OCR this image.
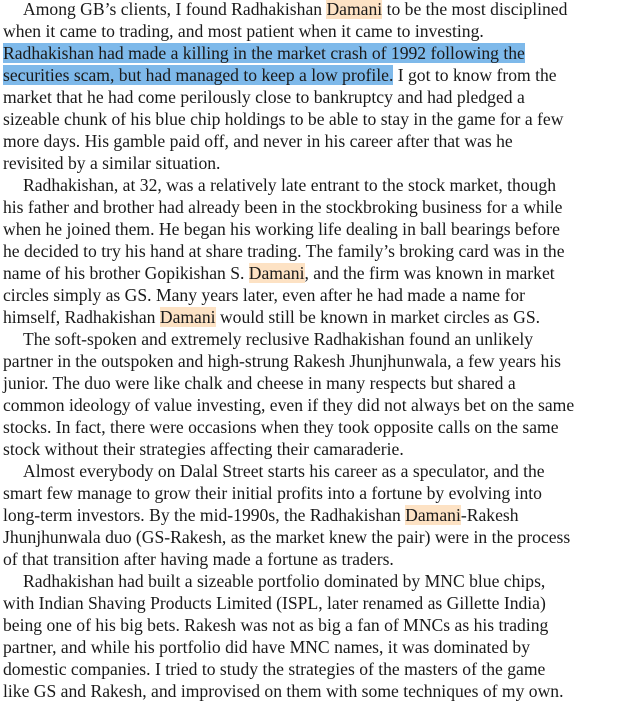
Among GB’s clients, I found Radhakishan Damani to be the most disciplined
when it came to trading, and most patient when it came to investing.
Radhakishan had made a killing in the market crash of 1992 following the
securities scam, but had managed to keep a low profile. I got to know from the
market that he had come perilously close to bankruptcy and had pledged a
sizeable chunk of his blue chip holdings to be able to stay in the game for a few
more days. His gamble paid off, and never in his career after that was he
revisited by a similar situation.
Radhakishan, at 32, was a relatively late entrant to the stock market, though
his father and brother had already been in the stockbroking business for a while
when he joined them. He began his working life dealing in ball bearings before
he decided to try his hand at share trading. The family’s broking card was in the
name of his brother Gopikishan S. Damani, and the firm was known in market
circles simply as GS. Many years later, even after he had made a name for
himself, Radhakishan Damani would still be known in market circles as GS.
The soft-spoken and extremely reclusive Radhakishan found an unlikely
partner in the outspoken and high-strung Rakesh Jhunjhunwala, a few years his
junior. The duo were like chalk and cheese in many respects but shared a
common ideology of value investing, even if they did not always bet on the same
stocks. In fact, there were occasions when they took opposite calls on the same
stock without their strategies affecting their camaraderie.
Almost everybody on Dalal Street starts his career as a speculator, and the
smart few manage to grow their initial profits into a fortune by evolving into
long-term investors. By the mid-1990s, the Radhakishan Damani-Rakesh
Jhunjhunwala duo (GS-Rakesh, as the market knew the pair) were in the process
of that transition after having made a fortune as traders.
Radhakishan had built a sizeable portfolio dominated by MNC blue chips,
with Indian Shaving Products Limited (ISPL, later renamed as Gillette India)
being one of his big bets. Rakesh was not as big a fan of MNCs as his trading
partner, and while his portfolio did have MNC names, it was dominated by
domestic companies. I tried to study the strategies of the masters of the game
like GS and Rakesh, and improvised on them with some techniques of my own.
